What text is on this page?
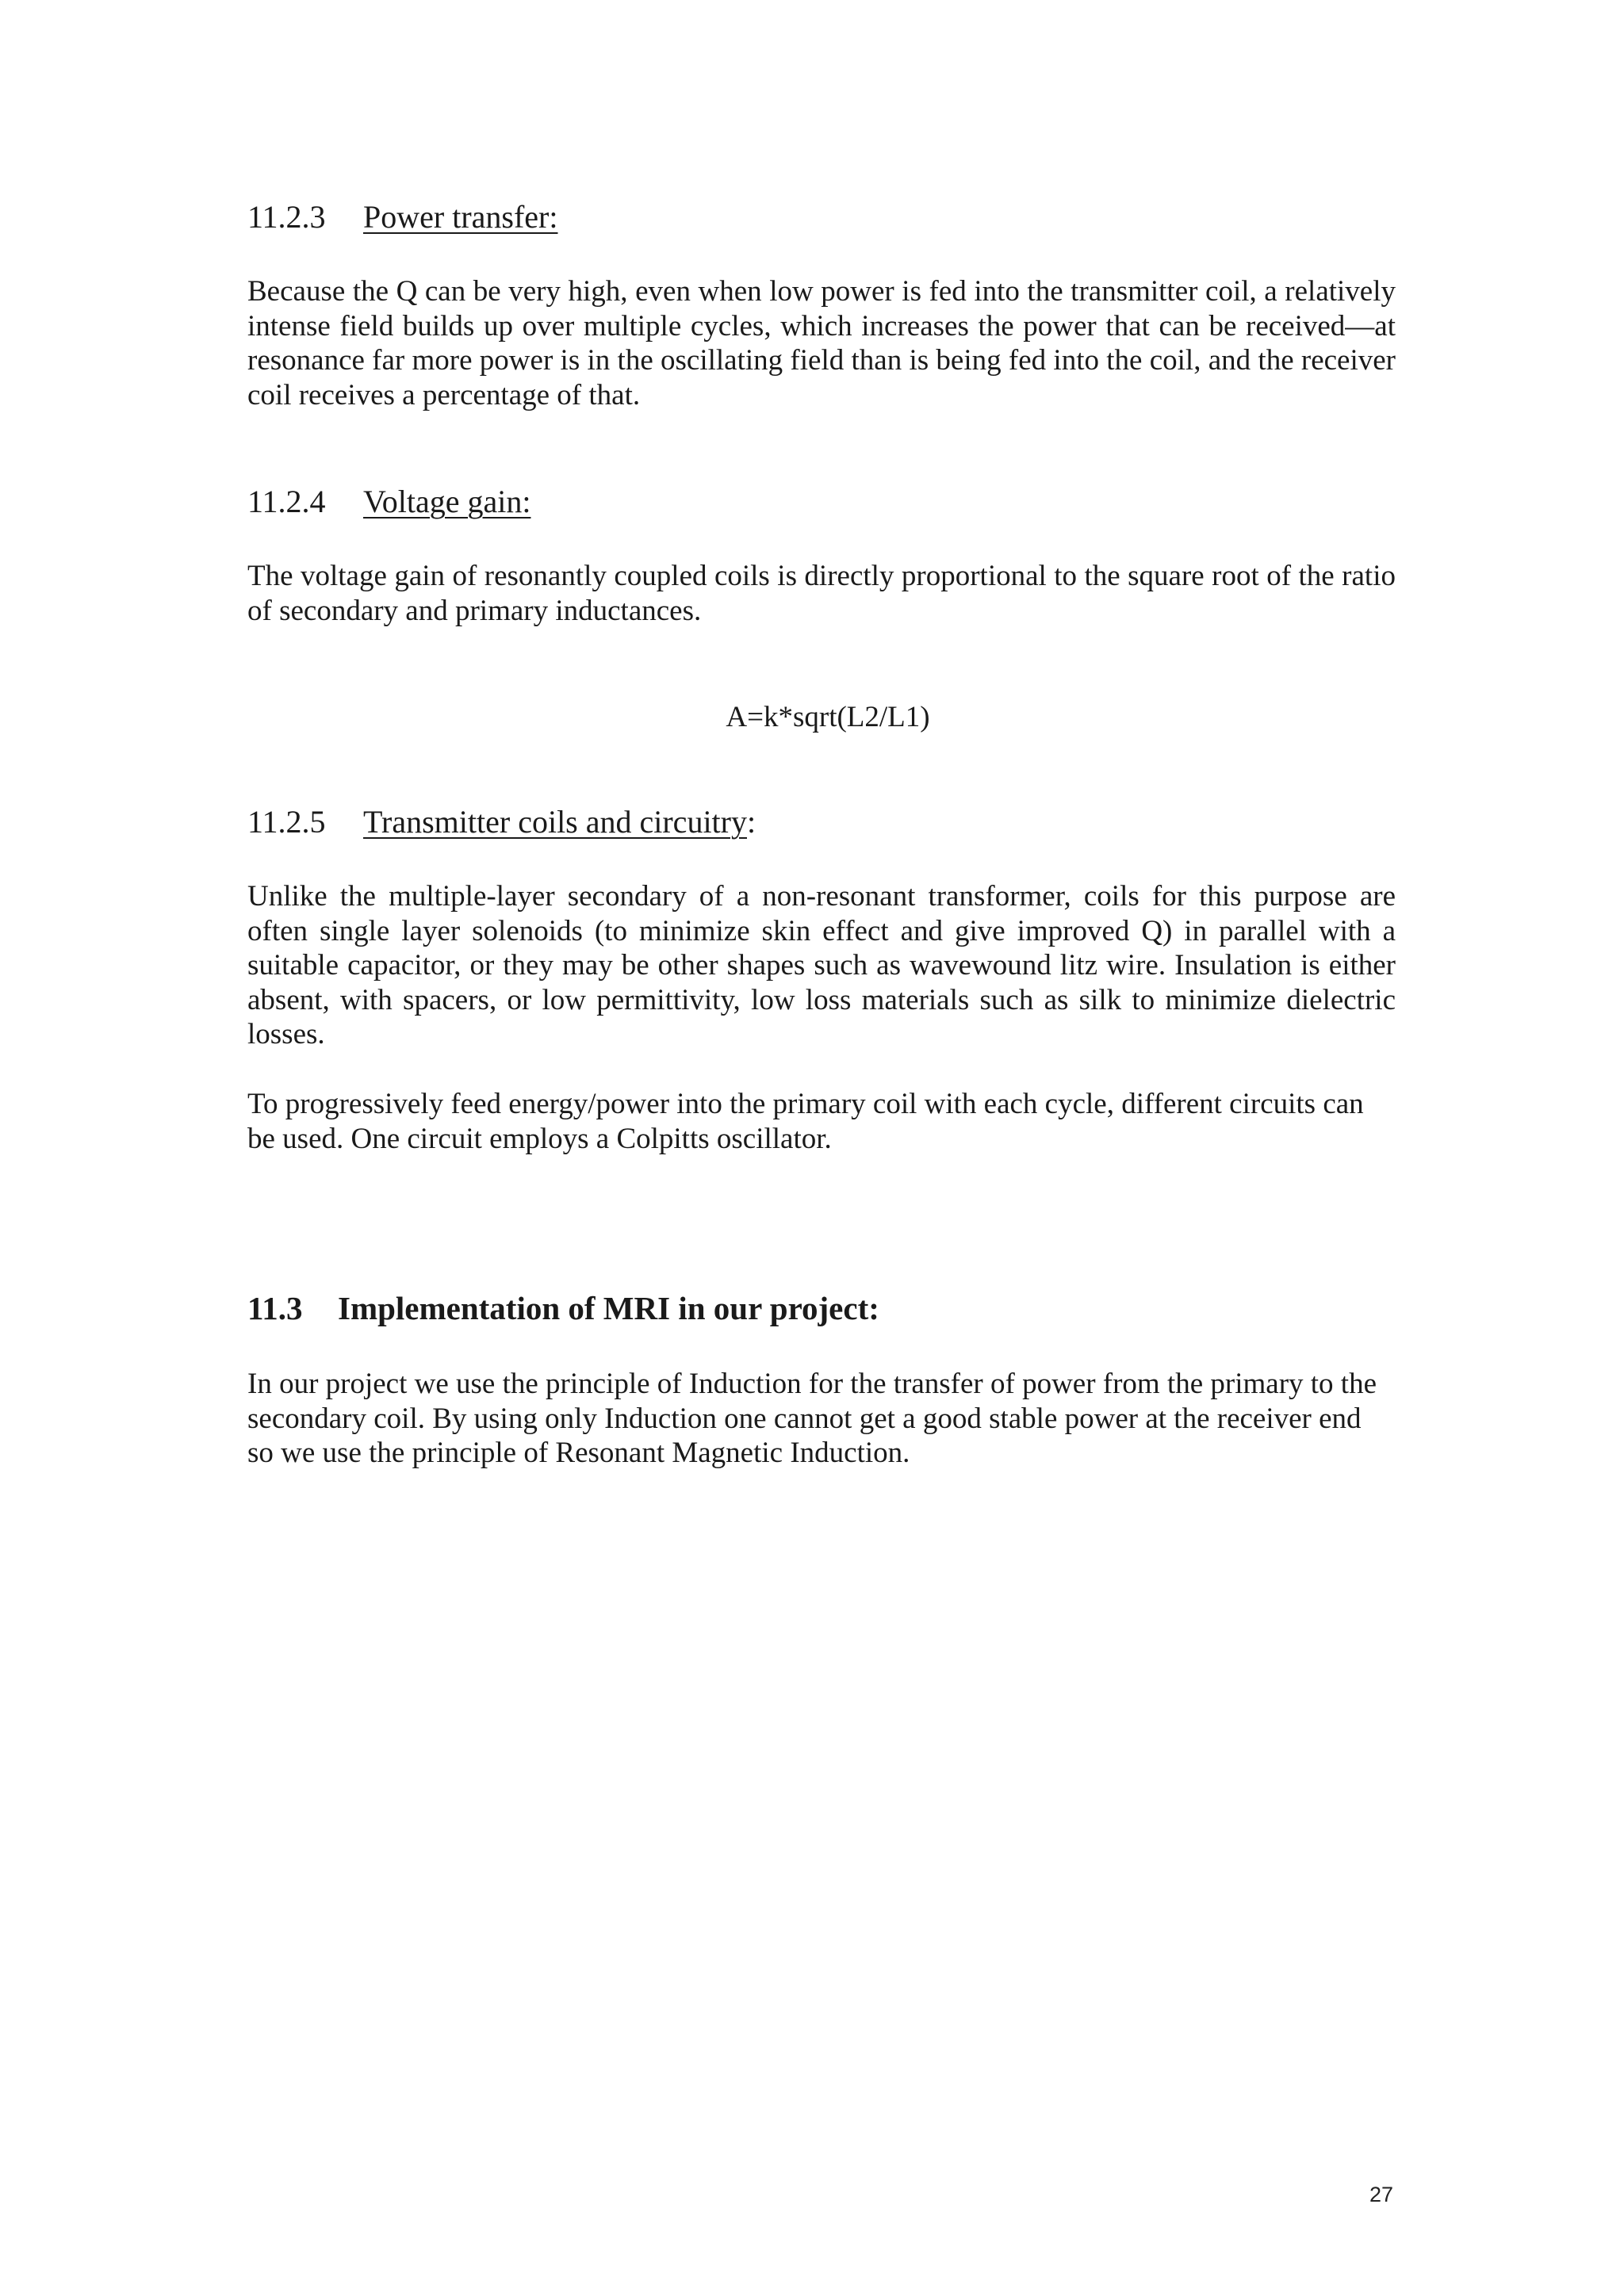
11.2.3 Power transfer:

Because the Q can be very high, even when low power is fed into the transmitter coil, a relatively intense field builds up over multiple cycles, which increases the power that can be received—at resonance far more power is in the oscillating field than is being fed into the coil, and the receiver coil receives a percentage of that.

11.2.4 Voltage gain:

The voltage gain of resonantly coupled coils is directly proportional to the square root of the ratio of secondary and primary inductances.

A=k*sqrt(L2/L1)
11.2.5 Transmitter coils and circuitry:

Unlike the multiple-layer secondary of a non-resonant transformer, coils for this purpose are often single layer solenoids (to minimize skin effect and give improved Q) in parallel with a suitable capacitor, or they may be other shapes such as wavewound litz wire. Insulation is either absent, with spacers, or low permittivity, low loss materials such as silk to minimize dielectric losses.

To progressively feed energy/power into the primary coil with each cycle, different circuits can be used. One circuit employs a Colpitts oscillator.

11.3 Implementation of MRI in our project:

In our project we use the principle of Induction for the transfer of power from the primary to the secondary coil. By using only Induction one cannot get a good stable power at the receiver end so we use the principle of Resonant Magnetic Induction.

27
